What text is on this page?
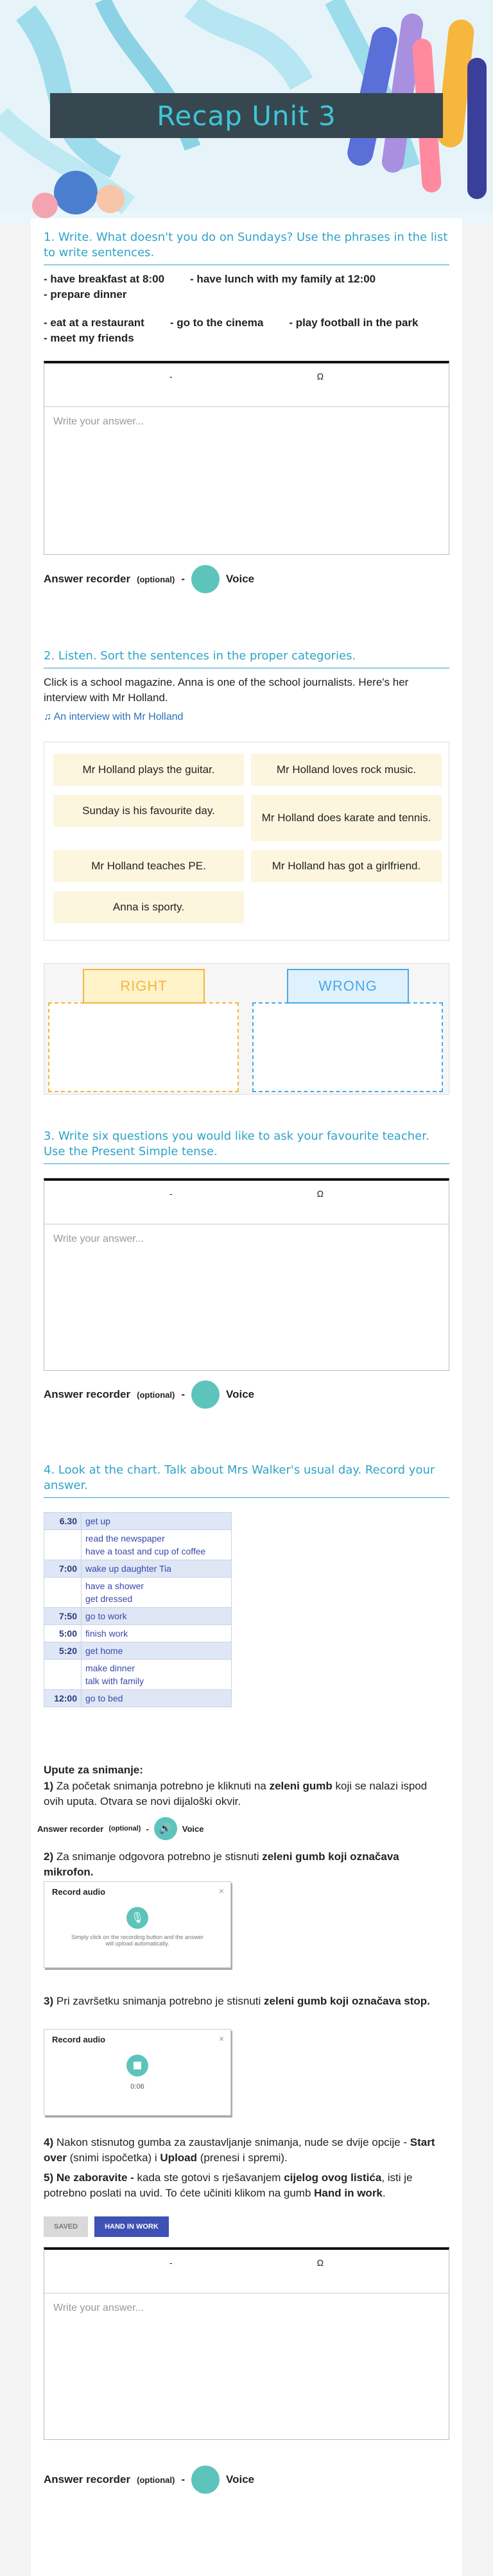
Recap Unit 3
1. Write. What doesn't you do on Sundays? Use the phrases in the list to write sentences.
- have breakfast at 8:00 - have lunch with my family at 12:00
- prepare dinner
- eat at a restaurant - go to the cinema - play football in the park
- meet my friends
-	Ω
Write your answer...
Answer recorder (optional) -	Voice
2. Listen. Sort the sentences in the proper categories.
Click is a school magazine. Anna is one of the school journalists. Here's her interview with Mr Holland.
♫ An interview with Mr Holland
Mr Holland plays the guitar.	Mr Holland loves rock music.
Sunday is his favourite day.
Mr Holland does karate and tennis.
Mr Holland teaches PE.	Mr Holland has got a girlfriend.
Anna is sporty.
RIGHT	WRONG
3. Write six questions you would like to ask your favourite teacher. Use the Present Simple tense.
-	Ω
Write your answer...
Answer recorder (optional) -	Voice
4. Look at the chart. Talk about Mrs Walker's usual day. Record your answer.
6.30	get up

	read the newspaper
have a toast and cup of coffee

7:00	wake up daughter Tia

	have a shower
get dressed

7:50	go to work
5:00	finish work
5:20	get home

	make dinner
talk with family

12:00	go to bed
Upute za snimanje:
1) Za početak snimanja potrebno je kliknuti na zeleni gumb koji se nalazi ispod ovih uputa. Otvara se novi dijaloški okvir.
Answer recorder (optional) -	🔊	Voice
2) Za snimanje odgovora potrebno je stisnuti zeleni gumb koji označava mikrofon.
Record audio	×
🎙
Simply click on the recording button and the answer will upload automatically.
3) Pri završetku snimanja potrebno je stisnuti zeleni gumb koji označava stop.
Record audio	×
0:06
4) Nakon stisnutog gumba za zaustavljanje snimanja, nude se dvije opcije - Start over (snimi ispočetka) i Upload (prenesi i spremi).
5) Ne zaboravite - kada ste gotovi s rješavanjem cijelog ovog listića, isti je potrebno poslati na uvid. To ćete učiniti klikom na gumb Hand in work.
SAVED	HAND IN WORK
-	Ω
Write your answer...
Answer recorder (optional) -	Voice
